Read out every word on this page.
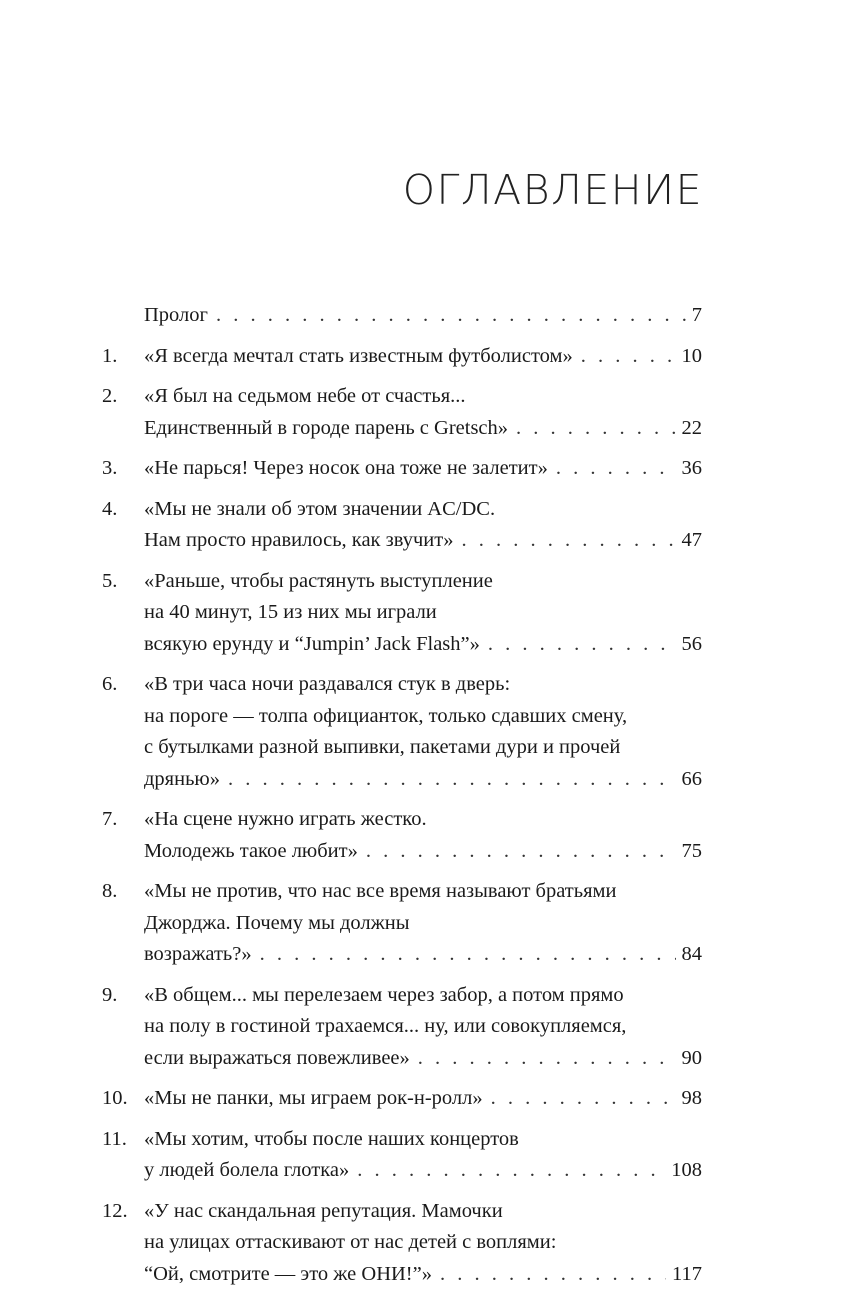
ОГЛАВЛЕНИЕ
Пролог . . .	7
1.	«Я всегда мечтал стать известным футболистом» . . .	10
2.	«Я был на седьмом небе от счастья...
Единственный в городе парень с Gretsch» . . .	22
3.	«Не парься! Через носок она тоже не залетит» . . .	36
4.	«Мы не знали об этом значении AC/DC.
Нам просто нравилось, как звучит» . . .	47
5.	«Раньше, чтобы растянуть выступление
на 40 минут, 15 из них мы играли
всякую ерунду и “Jumpin’ Jack Flash”» . . .	56
6.	«В три часа ночи раздавался стук в дверь:
на пороге — толпа официанток, только сдавших смену,
с бутылками разной выпивки, пакетами дури и прочей
дрянью» . . .	66
7.	«На сцене нужно играть жестко.
Молодежь такое любит» . . .	75
8.	«Мы не против, что нас все время называют братьями
Джорджа. Почему мы должны
возражать?» . . .	84
9.	«В общем... мы перелезаем через забор, а потом прямо
на полу в гостиной трахаемся... ну, или совокупляемся,
если выражаться повежливее» . . .	90
10. «Мы не панки, мы играем рок-н-ролл» . . .	98
11. «Мы хотим, чтобы после наших концертов
у людей болела глотка» . . .	108
12. «У нас скандальная репутация. Мамочки
на улицах оттаскивают от нас детей с воплями:
“Ой, смотрите — это же ОНИ!”» . . .	117
